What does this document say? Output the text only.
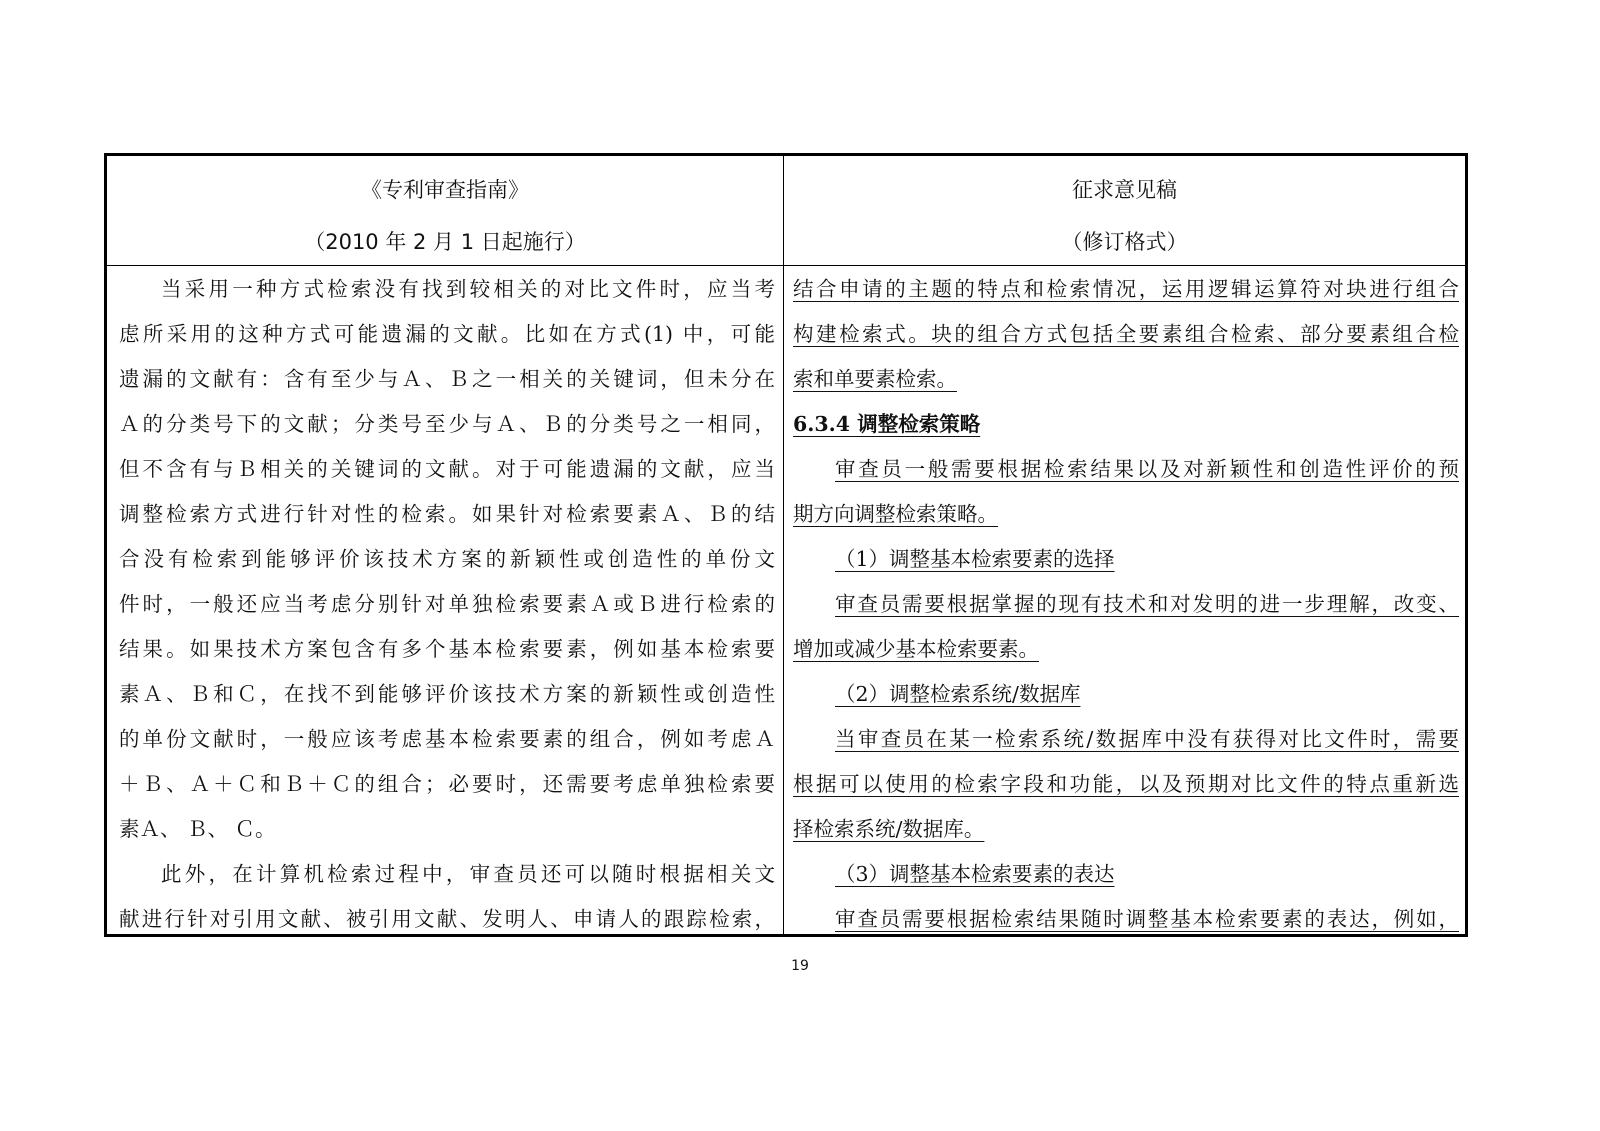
《专利审查指南》
（2010 年 2 月 1 日起施行）
征求意见稿
（修订格式）
当采用一种方式检索没有找到较相关的对比文件时，应当考
虑所采用的这种方式可能遗漏的文献。比如在方式(1) 中，可能
遗漏的文献有：含有至少与Ａ、Ｂ之一相关的关键词，但未分在
Ａ的分类号下的文献；分类号至少与Ａ、Ｂ的分类号之一相同，
但不含有与Ｂ相关的关键词的文献。对于可能遗漏的文献，应当
调整检索方式进行针对性的检索。如果针对检索要素Ａ、Ｂ的结
合没有检索到能够评价该技术方案的新颖性或创造性的单份文
件时，一般还应当考虑分别针对单独检索要素Ａ或Ｂ进行检索的
结果。如果技术方案包含有多个基本检索要素，例如基本检索要
素Ａ、Ｂ和Ｃ，在找不到能够评价该技术方案的新颖性或创造性
的单份文献时，一般应该考虑基本检索要素的组合，例如考虑Ａ
＋Ｂ、Ａ＋Ｃ和Ｂ＋Ｃ的组合；必要时，还需要考虑单独检索要
素Ａ、 Ｂ、 Ｃ。
此外，在计算机检索过程中，审查员还可以随时根据相关文
献进行针对引用文献、被引用文献、发明人、申请人的跟踪检索，
结合申请的主题的特点和检索情况，运用逻辑运算符对块进行组合
构建检索式。块的组合方式包括全要素组合检索、部分要素组合检
索和单要素检索。
6.3.4 调整检索策略
审查员一般需要根据检索结果以及对新颖性和创造性评价的预
期方向调整检索策略。
（1）调整基本检索要素的选择
审查员需要根据掌握的现有技术和对发明的进一步理解，改变、
增加或减少基本检索要素。
（2）调整检索系统/数据库
当审查员在某一检索系统/数据库中没有获得对比文件时，需要
根据可以使用的检索字段和功能，以及预期对比文件的特点重新选
择检索系统/数据库。
（3）调整基本检索要素的表达
审查员需要根据检索结果随时调整基本检索要素的表达，例如，
19
